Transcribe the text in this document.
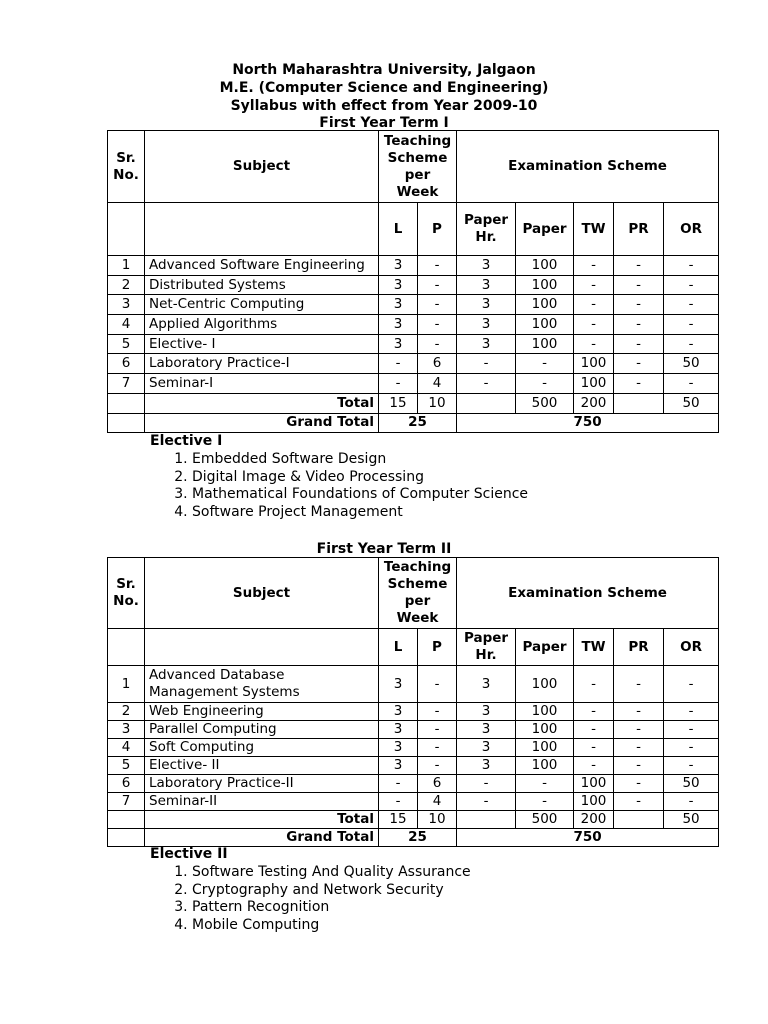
North Maharashtra University, Jalgaon
M.E. (Computer Science and Engineering)
Syllabus with effect from Year 2009-10
First Year Term I
Sr. No.	Subject	Teaching Scheme per Week		Examination Scheme				
		L	P	Paper Hr.	Paper	TW	PR	OR
1	Advanced Software Engineering	3	-	3	100	-	-	-
2	Distributed Systems	3	-	3	100	-	-	-
3	Net-Centric Computing	3	-	3	100	-	-	-
4	Applied Algorithms	3	-	3	100	-	-	-
5	Elective- I	3	-	3	100	-	-	-
6	Laboratory Practice-I	-	6	-	-	100	-	50
7	Seminar-I	-	4	-	-	100	-	-
	Total	15	10		500	200		50
	Grand Total	25		750				
Elective I
1. Embedded Software Design
2. Digital Image & Video Processing
3. Mathematical Foundations of Computer Science
4. Software Project Management
First Year Term II
Sr. No.	Subject	Teaching Scheme per Week		Examination Scheme				
		L	P	Paper Hr.	Paper	TW	PR	OR
1	Advanced Database Management Systems	3	-	3	100	-	-	-
2	Web Engineering	3	-	3	100	-	-	-
3	Parallel Computing	3	-	3	100	-	-	-
4	Soft Computing	3	-	3	100	-	-	-
5	Elective- II	3	-	3	100	-	-	-
6	Laboratory Practice-II	-	6	-	-	100	-	50
7	Seminar-II	-	4	-	-	100	-	-
	Total	15	10		500	200		50
	Grand Total	25		750				
Elective II
1. Software Testing And Quality Assurance
2. Cryptography and Network Security
3. Pattern Recognition
4. Mobile Computing
